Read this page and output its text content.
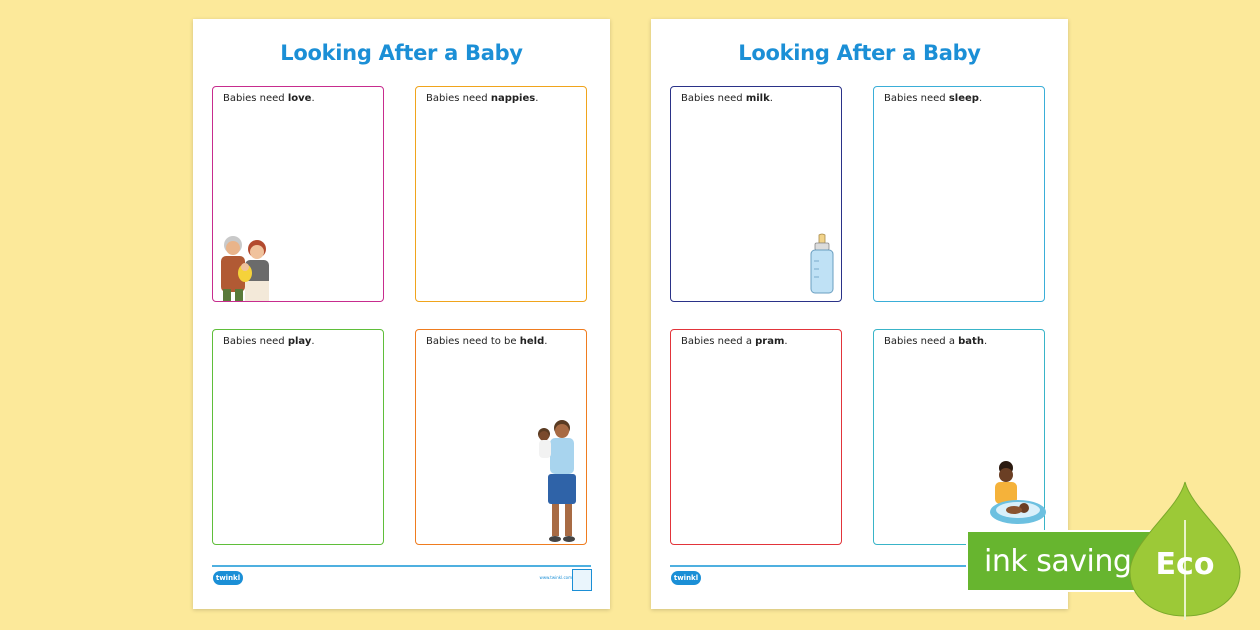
Looking After a Baby
Babies need love.	Babies need nappies.
Babies need play.	Babies need to be held.
twinkl	www.twinkl.com
Looking After a Baby
Babies need milk.	Babies need sleep.
Babies need a pram.	Babies need a bath.
twinkl	ink saving Eco
